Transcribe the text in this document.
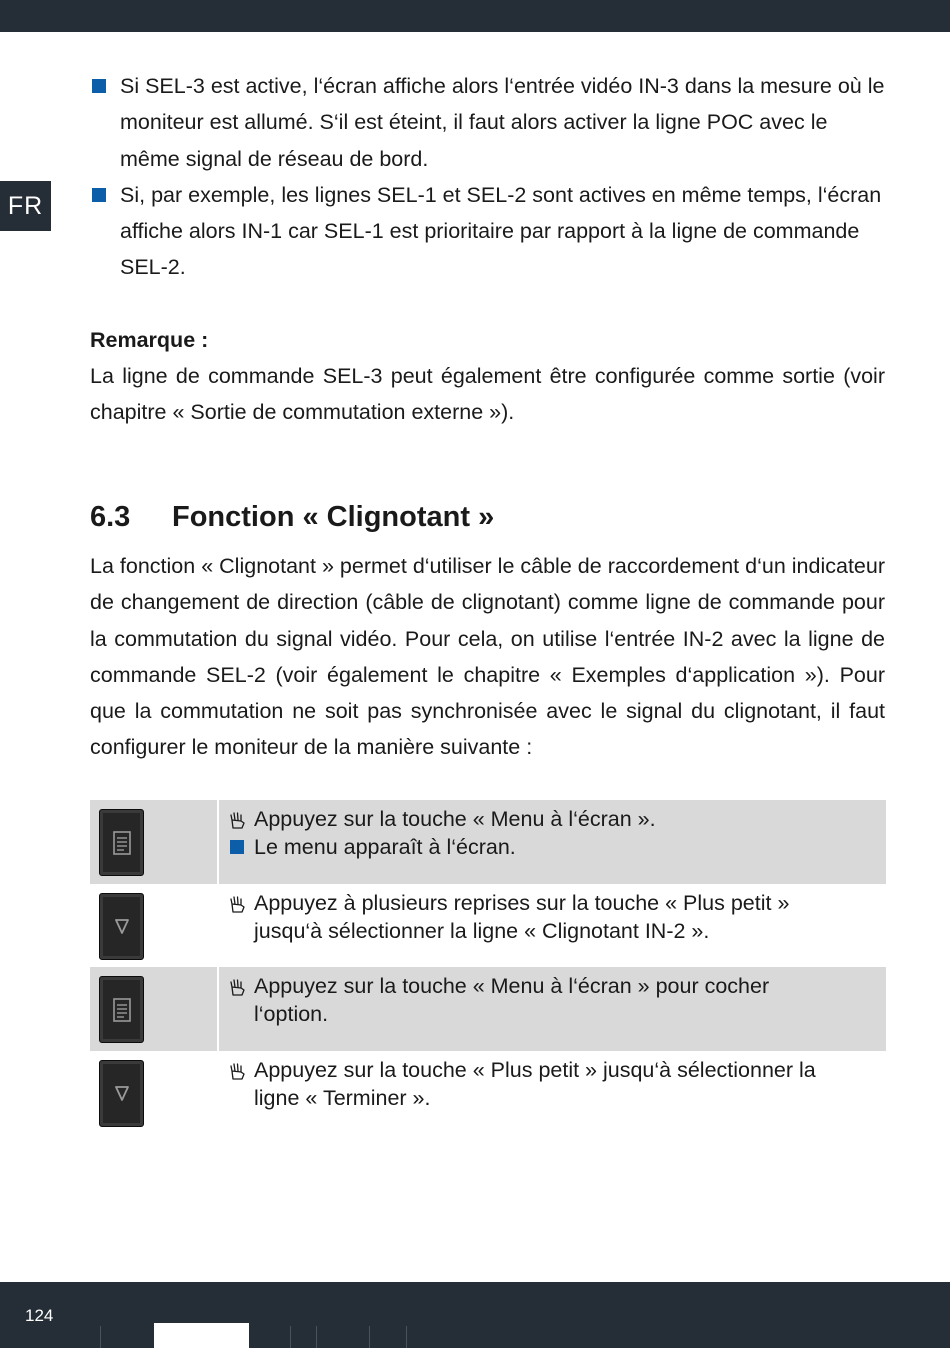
FR
Si SEL-3 est active, l‘écran affiche alors l‘entrée vidéo IN-3 dans la mesure où le moniteur est allumé. S‘il est éteint, il faut alors activer la ligne POC avec le même signal de réseau de bord.
Si, par exemple, les lignes SEL-1 et SEL-2 sont actives en même temps, l‘écran affiche alors IN-1 car SEL-1 est prioritaire par rapport à la ligne de commande SEL-2.

Remarque :

La ligne de commande SEL-3 peut également être configurée comme sortie (voir chapitre « Sortie de commutation externe »).

6.3 Fonction « Clignotant »

La fonction « Clignotant » permet d‘utiliser le câble de raccordement d‘un indicateur de changement de direction (câble de clignotant) comme ligne de commande pour la commutation du signal vidéo. Pour cela, on utilise l‘entrée IN-2 avec la ligne de commande SEL-2 (voir également le chapitre « Exemples d‘application »). Pour que la commutation ne soit pas synchronisée avec le signal du clignotant, il faut configurer le moniteur de la manière suivante :

Appuyez sur la touche « Menu à l‘écran ».
Le menu apparaît à l‘écran.
Appuyez à plusieurs reprises sur la touche « Plus petit »
jusqu‘à sélectionner la ligne « Clignotant IN-2 ».
Appuyez sur la touche « Menu à l‘écran » pour cocher
l‘option.
Appuyez sur la touche « Plus petit » jusqu‘à sélectionner la
ligne « Terminer ».
124
